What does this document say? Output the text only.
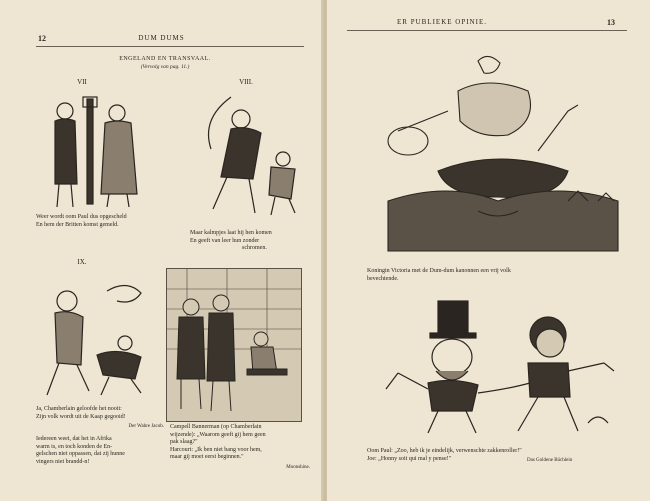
12	DUM DUMS

ENGELAND EN TRANSVAAL.

(Vervolg van pag. 11.)

VII

Weer wordt oom Paul dus opgescheld
En hem der Britten komst gemeld.

VIII.

Maar kalmpjes laat hij hen komen
En geeft van leer hun zonder
schromen.

IX.

Ja, Chamberlain geloofde het nooit:
Zijn volk wordt uit de Kaap gegooid!
Der Wahre Jacob. Campell Bannerman (op Chamberlain
wijzende): „Waarom geeft gij hem geen
pak slaag?"
Harcourt: „Ik ben niet bang voor hem,
maar gij moet eerst beginnen."
Moonshine.
Iedereen weet, dat het in Afrika
warm is, en toch konden de En-
gelschen niet oppassen, dat zij hunne
vingers niet brandd-n!

ER PUBLIEKE OPINIE.	13

Koningin Victoria met de Dum-dum kanonnen een vrij volk
bevechtende.
Oom Paul: „Zoo, heb ik je eindelijk, verwenschte zakkenroller!"
Joe: „Honny soit qui mal y pense!"	Das Goldene Büchlein
